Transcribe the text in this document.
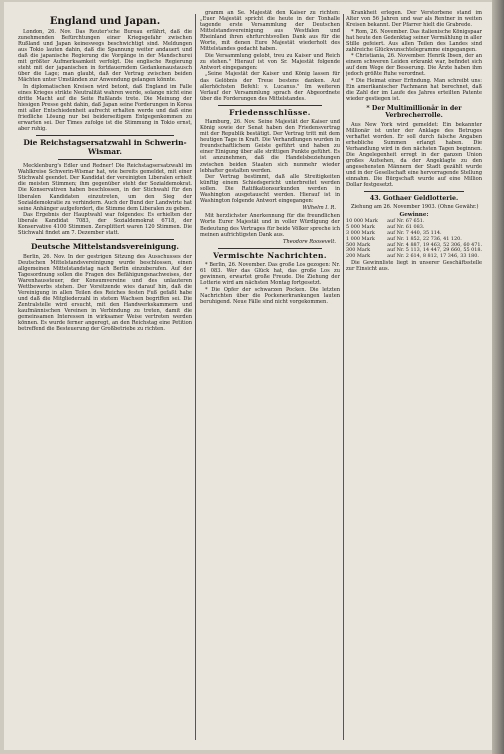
England und Japan.

London, 26. Nov. Das Reuter'sche Bureau erfährt, daß die zunehmenden Befürchtungen einer Kriegsgefahr zwischen Rußland und Japan keineswegs beschwichtigt sind. Meldungen aus Tokio lauten dahin, daß die Spannung weiter andauert und daß die japanische Regierung die Vorgänge in der Mandschurei mit größter Aufmerksamkeit verfolgt. Die englische Regierung steht mit der japanischen in fortdauerndem Gedankenaustausch über die Lage; man glaubt, daß der Vertrag zwischen beiden Mächten unter Umständen zur Anwendung gelangen könnte.

In diplomatischen Kreisen wird betont, daß England im Falle eines Krieges strikte Neutralität wahren werde, solange nicht eine dritte Macht auf die Seite Rußlands trete. Die Meinung der hiesigen Presse geht dahin, daß Japan seine Forderungen in Korea mit aller Entschiedenheit aufrecht erhalten werde und daß eine friedliche Lösung nur bei beiderseitigem Entgegenkommen zu erwarten sei. Der Times zufolge ist die Stimmung in Tokio ernst, aber ruhig.

Die Reichstagsersatzwahl in Schwerin-Wismar.

Mecklenburg's Edler und Redner! Die Reichstagsersatzwahl im Wahlkreise Schwerin-Wismar hat, wie bereits gemeldet, mit einer Stichwahl geendet. Der Kandidat der vereinigten Liberalen erhielt die meisten Stimmen; ihm gegenüber steht der Sozialdemokrat. Die Konservativen haben beschlossen, in der Stichwahl für den liberalen Kandidaten einzutreten, um den Sieg der Sozialdemokratie zu verhindern. Auch der Bund der Landwirte hat seine Anhänger aufgefordert, die Stimme dem Liberalen zu geben.

Das Ergebnis der Hauptwahl war folgendes: Es erhielten der liberale Kandidat 7083, der Sozialdemokrat 6718, der Konservative 4100 Stimmen. Zersplittert waren 120 Stimmen. Die Stichwahl findet am 7. Dezember statt.

Deutsche Mittelstandsvereinigung.

Berlin, 26. Nov. In der gestrigen Sitzung des Ausschusses der Deutschen Mittelstandsvereinigung wurde beschlossen, einen allgemeinen Mittelstandstag nach Berlin einzuberufen. Auf der Tagesordnung sollen die Fragen des Befähigungsnachweises, der Warenhaussteuer, der Konsumvereine und des unlauteren Wettbewerbs stehen. Der Vorsitzende wies darauf hin, daß die Vereinigung in allen Teilen des Reiches festen Fuß gefaßt habe und daß die Mitgliederzahl in stetem Wachsen begriffen sei. Die Zentralstelle wird ersucht, mit den Handwerkskammern und kaufmännischen Vereinen in Verbindung zu treten, damit die gemeinsamen Interessen in wirksamer Weise vertreten werden können. Es wurde ferner angeregt, an den Reichstag eine Petition betreffend die Besteuerung der Großbetriebe zu richten.

gramm an Se. Majestät den Kaiser zu richten: „Euer Majestät spricht die heute in der Tonhalle tagende erste Versammlung der Deutschen Mittelstandsvereinigung aus Westfalen und Rheinland ihren ehrfurchtsvollen Dank aus für die Worte, mit denen Eure Majestät wiederholt des Mittelstandes gedacht haben.

Die Versammlung gelobt, treu zu Kaiser und Reich zu stehen." Hierauf ist von Sr. Majestät folgende Antwort eingegangen:

„Seine Majestät der Kaiser und König lassen für das Gelöbnis der Treue bestens danken. Auf allerhöchsten Befehl: v. Lucanus." Im weiteren Verlauf der Versammlung sprach der Abgeordnete über die Forderungen des Mittelstandes.

Friedensschlüsse.

Hamburg, 26. Nov. Seine Majestät der Kaiser und König sowie der Senat haben den Friedensvertrag mit der Republik bestätigt. Der Vertrag tritt mit dem heutigen Tage in Kraft. Die Verhandlungen wurden in freundschaftlichem Geiste geführt und haben zu einer Einigung über alle strittigen Punkte geführt. Es ist anzunehmen, daß die Handelsbeziehungen zwischen beiden Staaten sich nunmehr wieder lebhafter gestalten werden.

Der Vertrag bestimmt, daß alle Streitigkeiten künftig einem Schiedsgericht unterbreitet werden sollen. Die Ratifikationsurkunden werden in Washington ausgetauscht werden. Hierauf ist in Washington folgende Antwort eingegangen:

Wilhelm I. R.

Mit herzlichster Anerkennung für die freundlichen Worte Eurer Majestät und in voller Würdigung der Bedeutung des Vertrages für beide Völker spreche ich meinen aufrichtigsten Dank aus.

Theodore Roosevelt.
Vermischte Nachrichten.

* Berlin, 26. November. Das große Los gezogen: Nr. 61 083. Wer das Glück hat, das große Los zu gewinnen, erwartet große Freude. Die Ziehung der Lotterie wird am nächsten Montag fortgesetzt.

* Die Opfer der schwarzen Pocken. Die letzten Nachrichten über die Pockenerkrankungen lauten beruhigend. Neue Fälle sind nicht vorgekommen.

Krankheit erlegen. Der Verstorbene stand im Alter von 56 Jahren und war als Rentner in weiten Kreisen bekannt. Der Pfarrer hielt die Grabrede.

* Rom, 26. November. Das italienische Königspaar hat heute den Gedenktag seiner Vermählung in aller Stille gefeiert. Aus allen Teilen des Landes sind zahlreiche Glückwunschtelegramme eingegangen.

* Christiania, 26. November. Henrik Ibsen, der an einem schweren Leiden erkrankt war, befindet sich auf dem Wege der Besserung. Die Ärzte haben ihm jedoch größte Ruhe verordnet.

* Die Heimat einer Erfindung. Man schreibt uns: Ein amerikanischer Fachmann hat berechnet, daß die Zahl der im Laufe des Jahres erteilten Patente wieder gestiegen ist.

* Der Multimillionär in der Verbrecherrolle.

Aus New York wird gemeldet: Ein bekannter Millionär ist unter der Anklage des Betruges verhaftet worden. Er soll durch falsche Angaben erhebliche Summen erlangt haben. Die Verhandlung wird in den nächsten Tagen beginnen. Die Angelegenheit erregt in der ganzen Union großes Aufsehen, da der Angeklagte zu den angesehensten Männern der Stadt gezählt wurde und in der Gesellschaft eine hervorragende Stellung einnahm. Die Bürgschaft wurde auf eine Million Dollar festgesetzt.

43. Gothaer Geldlotterie.

Ziehung am 26. November 1903. (Ohne Gewähr.)

Gewinne:
10 000 Mark	auf Nr. 67 651.
5 000 Mark	auf Nr. 61 083.
3 000 Mark	auf Nr. 7 440, 35 114.
1 000 Mark	auf Nr. 1 852, 22 736, 41 120.
500 Mark	auf Nr. 4 887, 19 463, 52 306, 60 471.
300 Mark	auf Nr. 5 113, 14 447, 29 660, 55 018.
200 Mark	auf Nr. 2 614, 8 812, 17 346, 33 180.

Die Gewinnliste liegt in unserer Geschäftsstelle zur Einsicht aus.
